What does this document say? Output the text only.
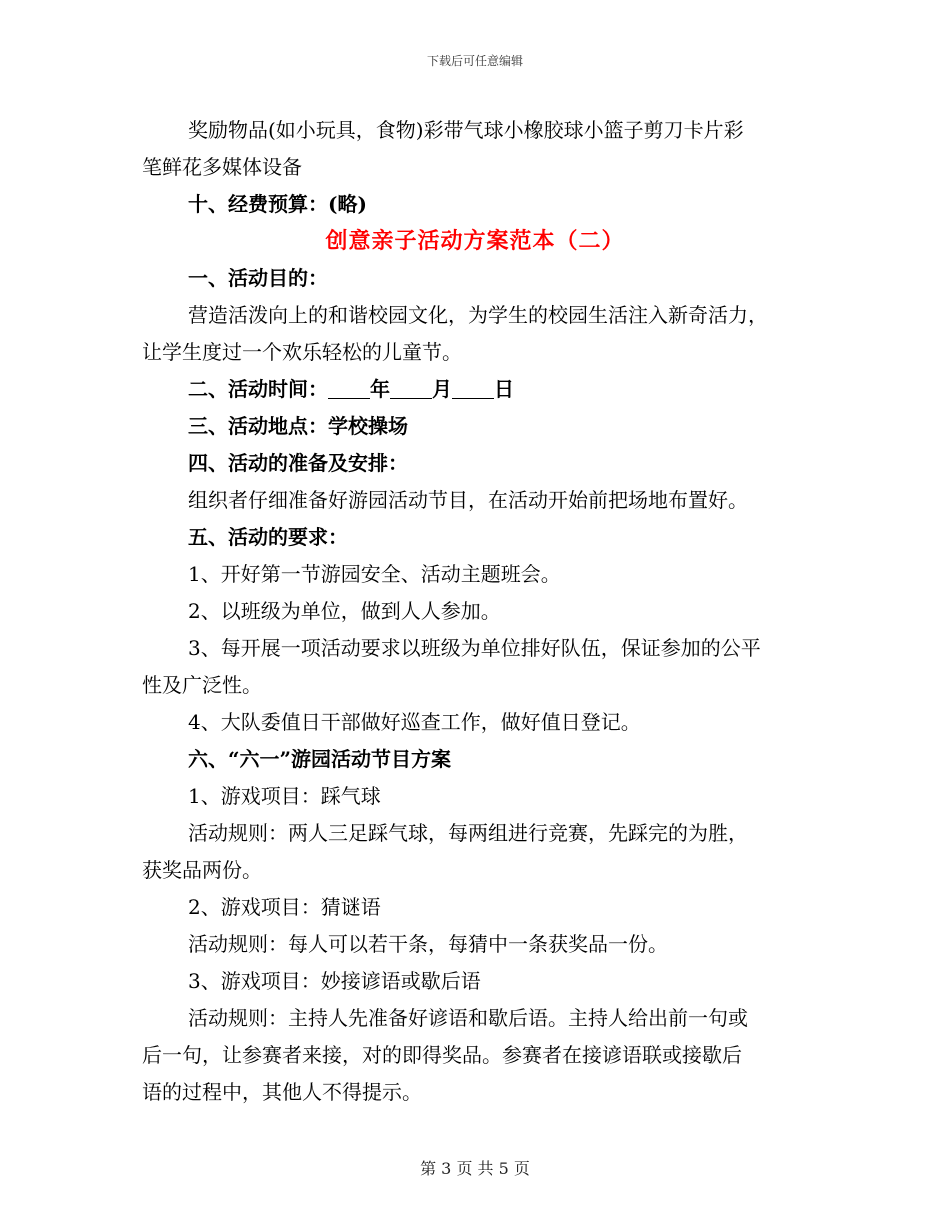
下载后可任意编辑
奖励物品(如小玩具，食物)彩带气球小橡胶球小篮子剪刀卡片彩
笔鲜花多媒体设备
十、经费预算：(略)
创意亲子活动方案范本（二）
一、活动目的：
营造活泼向上的和谐校园文化，为学生的校园生活注入新奇活力，
让学生度过一个欢乐轻松的儿童节。
二、活动时间： 年 月 日
三、活动地点：学校操场
四、活动的准备及安排：
组织者仔细准备好游园活动节目，在活动开始前把场地布置好。
五、活动的要求：
1、开好第一节游园安全、活动主题班会。
2、以班级为单位，做到人人参加。
3、每开展一项活动要求以班级为单位排好队伍，保证参加的公平
性及广泛性。
4、大队委值日干部做好巡查工作，做好值日登记。
六、“六一”游园活动节目方案
1、游戏项目：踩气球
活动规则：两人三足踩气球，每两组进行竞赛，先踩完的为胜，
获奖品两份。
2、游戏项目：猜谜语
活动规则：每人可以若干条，每猜中一条获奖品一份。
3、游戏项目：妙接谚语或歇后语
活动规则：主持人先准备好谚语和歇后语。主持人给出前一句或
后一句，让参赛者来接，对的即得奖品。参赛者在接谚语联或接歇后
语的过程中，其他人不得提示。
第 3 页 共 5 页
